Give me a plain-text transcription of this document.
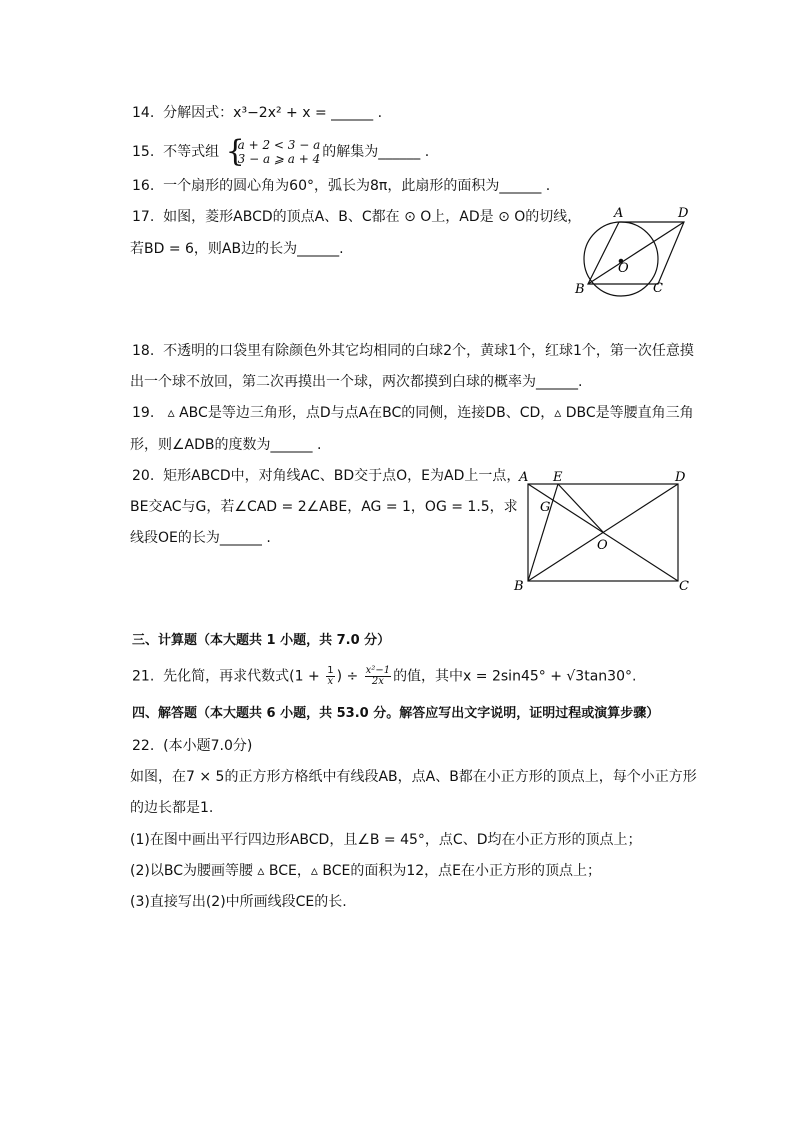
14. 分解因式：x³−2x² + x = ______ .
15. 不等式组 {
a + 2 < 3 − a
3 − a ⩾ a + 4 的解集为______ .
16. 一个扇形的圆心角为60°，弧长为8π，此扇形的面积为______ .
17. 如图，菱形ABCD的顶点A、B、C都在 ⊙ O上，AD是 ⊙ O的切线，
若BD = 6，则AB边的长为______.
A	D
O
B	C
18. 不透明的口袋里有除颜色外其它均相同的白球2个，黄球1个，红球1个，第一次任意摸
出一个球不放回，第二次再摸出一个球，两次都摸到白球的概率为______.
19. ▵ ABC是等边三角形，点D与点A在BC的同侧，连接DB、CD，▵ DBC是等腰直角三角
形，则∠ADB的度数为______ .
20. 矩形ABCD中，对角线AC、BD交于点O，E为AD上一点，
BE交AC与G，若∠CAD = 2∠ABE，AG = 1，OG = 1.5，求
线段OE的长为______ .
A E	D
G
O
B	C
三、计算题（本大题共 1 小题，共 7.0 分）
21. 先化简，再求代数式($1 + \frac{1}{x}$ ) ÷ $\frac{\text{x²−1}}{2x}$ 的值，其中x = 2sin45° + √3tan30°.
四、解答题（本大题共 6 小题，共 53.0 分。解答应写出文字说明，证明过程或演算步骤）
22. (本小题7.0分)
如图，在7 × 5的正方形方格纸中有线段AB，点A、B都在小正方形的顶点上，每个小正方形
的边长都是1.
(1)在图中画出平行四边形ABCD，且∠B = 45°，点C、D均在小正方形的顶点上；
(2)以BC为腰画等腰 ▵ BCE，▵ BCE的面积为12，点E在小正方形的顶点上；
(3)直接写出(2)中所画线段CE的长.
